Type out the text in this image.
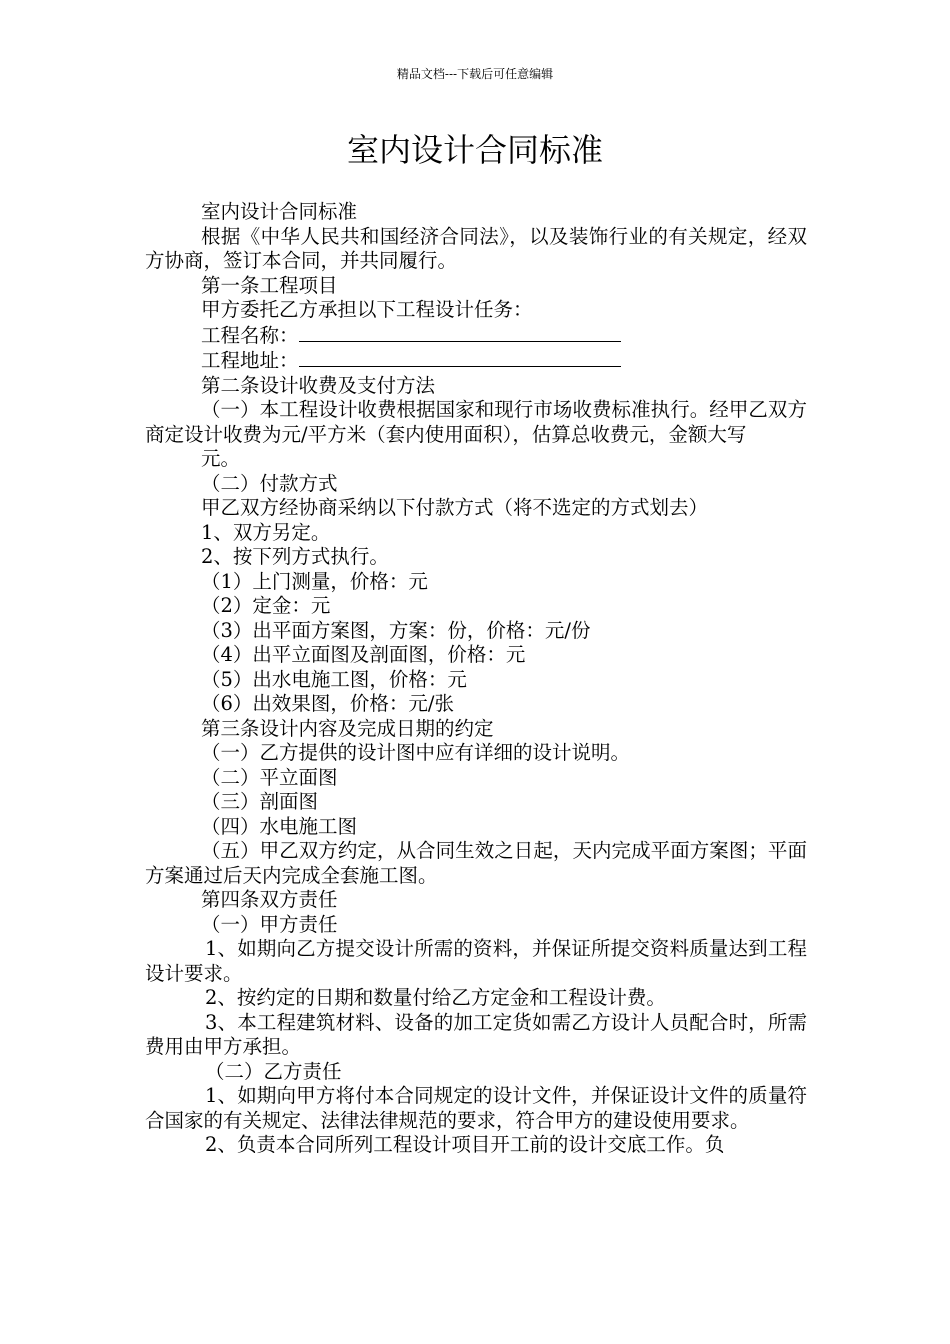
精品文档---下载后可任意编辑
室内设计合同标准

室内设计合同标准

根据《中华人民共和国经济合同法》，以及装饰行业的有关规定，经双方协商，签订本合同，并共同履行。

第一条工程项目

甲方委托乙方承担以下工程设计任务：

工程名称：

工程地址：

第二条设计收费及支付方法

（一）本工程设计收费根据国家和现行市场收费标准执行。经甲乙双方商定设计收费为元/平方米（套内使用面积），估算总收费元，金额大写

元。

（二）付款方式

甲乙双方经协商采纳以下付款方式（将不选定的方式划去）

1、双方另定。

2、按下列方式执行。

（1）上门测量，价格：元

（2）定金：元

（3）出平面方案图，方案：份，价格：元/份

（4）出平立面图及剖面图，价格：元

（5）出水电施工图，价格：元

（6）出效果图，价格：元/张

第三条设计内容及完成日期的约定

（一）乙方提供的设计图中应有详细的设计说明。

（二）平立面图

（三）剖面图

（四）水电施工图

（五）甲乙双方约定，从合同生效之日起，天内完成平面方案图；平面方案通过后天内完成全套施工图。

第四条双方责任

（一）甲方责任

1、如期向乙方提交设计所需的资料，并保证所提交资料质量达到工程设计要求。

2、按约定的日期和数量付给乙方定金和工程设计费。

3、本工程建筑材料、设备的加工定货如需乙方设计人员配合时，所需费用由甲方承担。

（二）乙方责任

1、如期向甲方将付本合同规定的设计文件，并保证设计文件的质量符合国家的有关规定、法律法律规范的要求，符合甲方的建设使用要求。

2、负责本合同所列工程设计项目开工前的设计交底工作。负
